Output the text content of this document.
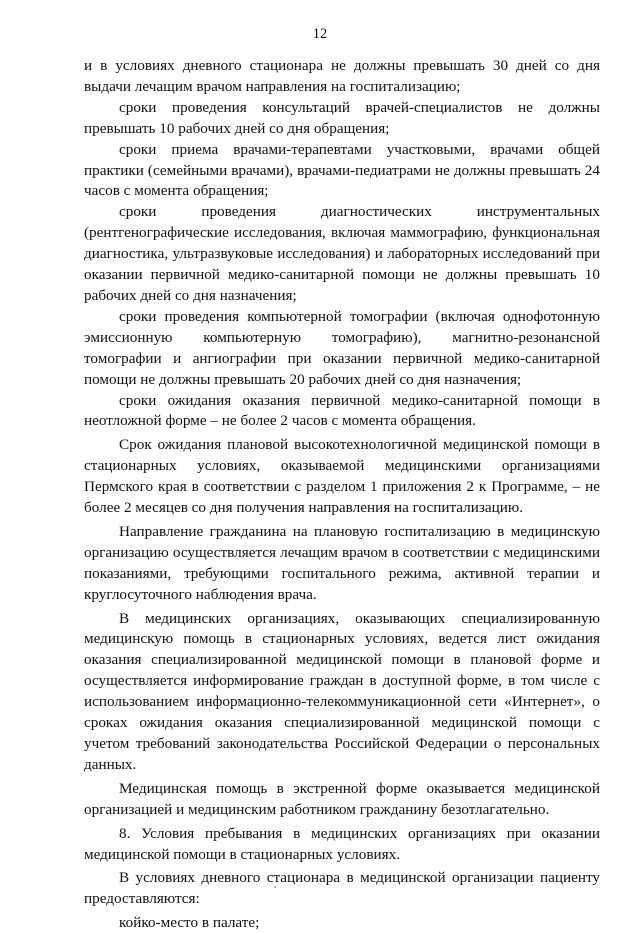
12

и в условиях дневного стационара не должны превышать 30 дней со дня выдачи лечащим врачом направления на госпитализацию;

сроки проведения консультаций врачей-специалистов не должны превышать 10 рабочих дней со дня обращения;

сроки приема врачами-терапевтами участковыми, врачами общей практики (семейными врачами), врачами-педиатрами не должны превышать 24 часов с момента обращения;

сроки проведения диагностических инструментальных (рентгенографические исследования, включая маммографию, функциональная диагностика, ультразвуковые исследования) и лабораторных исследований при оказании первичной медико-санитарной помощи не должны превышать 10 рабочих дней со дня назначения;

сроки проведения компьютерной томографии (включая однофотонную эмиссионную компьютерную томографию), магнитно-резонансной томографии и ангиографии при оказании первичной медико-санитарной помощи не должны превышать 20 рабочих дней со дня назначения;

сроки ожидания оказания первичной медико-санитарной помощи в неотложной форме – не более 2 часов с момента обращения.

Срок ожидания плановой высокотехнологичной медицинской помощи в стационарных условиях, оказываемой медицинскими организациями Пермского края в соответствии с разделом 1 приложения 2 к Программе, – не более 2 месяцев со дня получения направления на госпитализацию.

Направление гражданина на плановую госпитализацию в медицинскую организацию осуществляется лечащим врачом в соответствии с медицинскими показаниями, требующими госпитального режима, активной терапии и круглосуточного наблюдения врача.

В медицинских организациях, оказывающих специализированную медицинскую помощь в стационарных условиях, ведется лист ожидания оказания специализированной медицинской помощи в плановой форме и осуществляется информирование граждан в доступной форме, в том числе с использованием информационно-телекоммуникационной сети «Интернет», о сроках ожидания оказания специализированной медицинской помощи с учетом требований законодательства Российской Федерации о персональных данных.

Медицинская помощь в экстренной форме оказывается медицинской организацией и медицинским работником гражданину безотлагательно.

8. Условия пребывания в медицинских организациях при оказании медицинской помощи в стационарных условиях.

В условиях дневного стационара в медицинской организации пациенту предоставляются:

койко-место в палате;
